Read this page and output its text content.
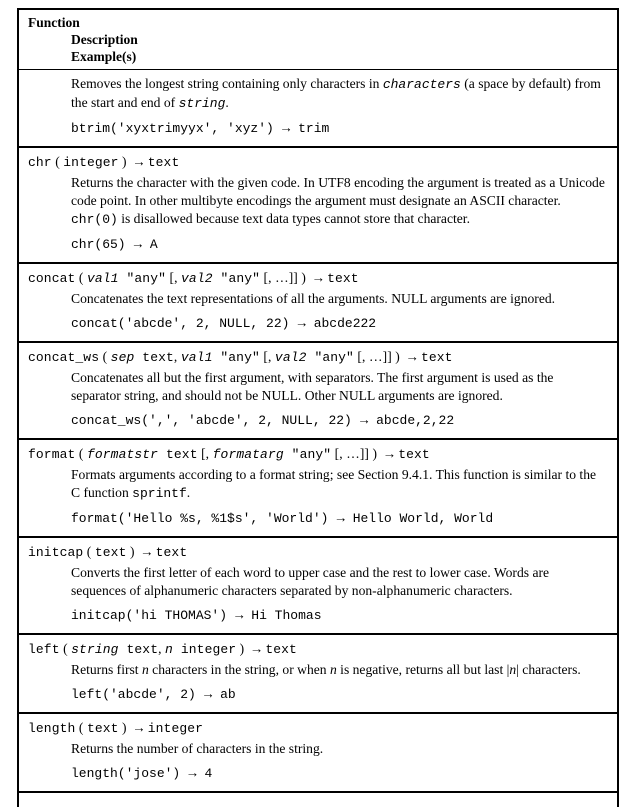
Function
Description
Example(s)
Removes the longest string containing only characters in characters (a space by default) from the start and end of string.
btrim('xyxtrimyyx', 'xyz') → trim
chr ( integer ) → text
Returns the character with the given code. In UTF8 encoding the argument is treated as a Unicode code point. In other multibyte encodings the argument must designate an ASCII character. chr(0) is disallowed because text data types cannot store that character.
chr(65) → A
concat ( val1 "any" [, val2 "any" [, …]] ) → text
Concatenates the text representations of all the arguments. NULL arguments are ignored.
concat('abcde', 2, NULL, 22) → abcde222
concat_ws ( sep text, val1 "any" [, val2 "any" [, …]] ) → text
Concatenates all but the first argument, with separators. The first argument is used as the separator string, and should not be NULL. Other NULL arguments are ignored.
concat_ws(',', 'abcde', 2, NULL, 22) → abcde,2,22
format ( formatstr text [, formatarg "any" [, …]] ) → text
Formats arguments according to a format string; see Section 9.4.1. This function is similar to the C function sprintf.
format('Hello %s, %1$s', 'World') → Hello World, World
initcap ( text ) → text
Converts the first letter of each word to upper case and the rest to lower case. Words are sequences of alphanumeric characters separated by non-alphanumeric characters.
initcap('hi THOMAS') → Hi Thomas
left ( string text, n integer ) → text
Returns first n characters in the string, or when n is negative, returns all but last |n| characters.
left('abcde', 2) → ab
length ( text ) → integer
Returns the number of characters in the string.
length('jose') → 4
